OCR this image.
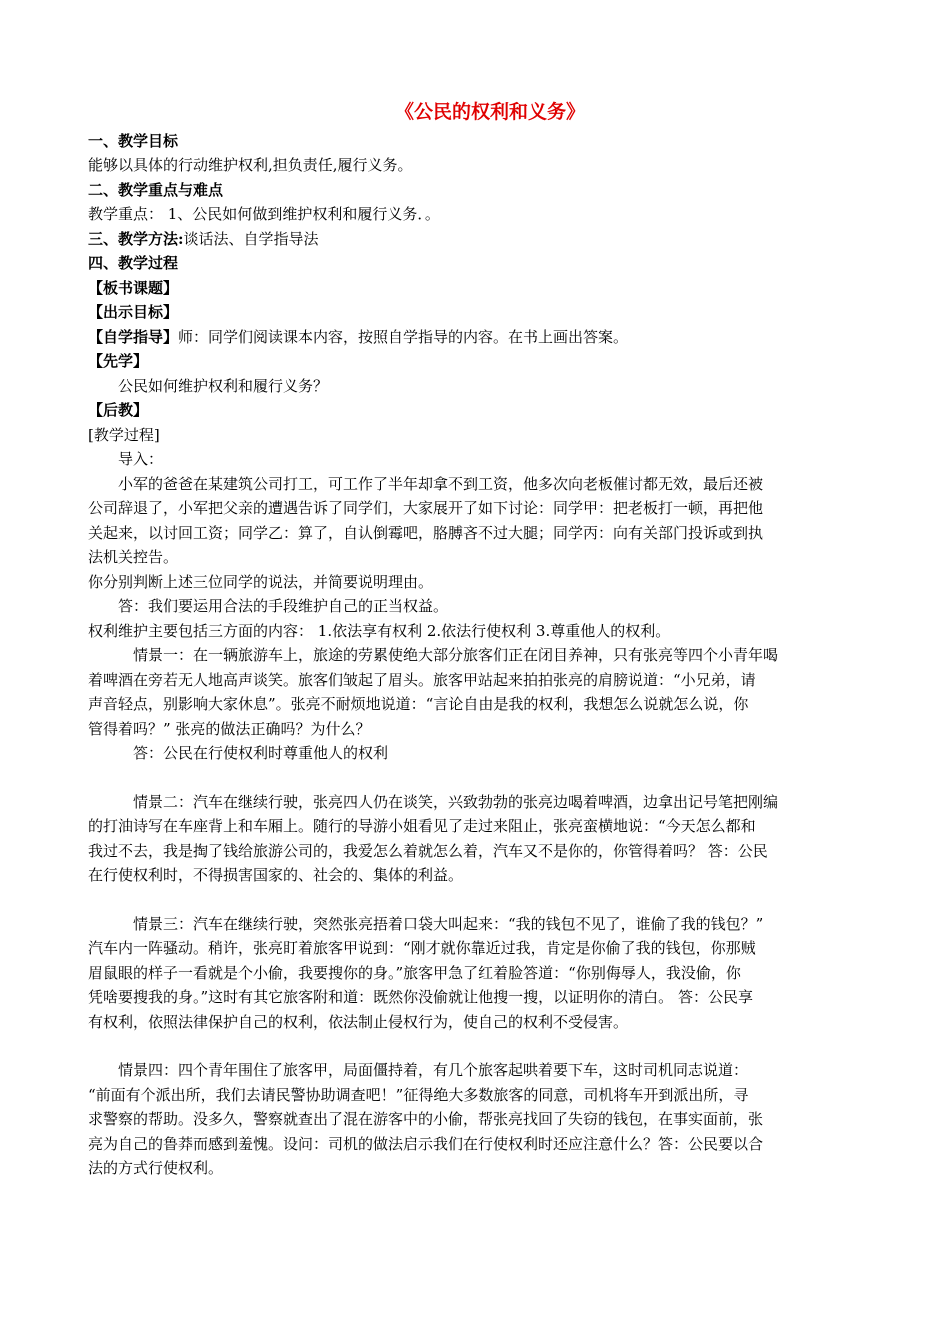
《公民的权利和义务》
一、教学目标
能够以具体的行动维护权利,担负责任,履行义务。
二、教学重点与难点
教学重点： 1、公民如何做到维护权利和履行义务．。
三、教学方法:谈话法、自学指导法
四、教学过程
【板书课题】
【出示目标】
【自学指导】师：同学们阅读课本内容，按照自学指导的内容。在书上画出答案。
【先学】
公民如何维护权利和履行义务？
【后教】
[教学过程]
导入：
小军的爸爸在某建筑公司打工，可工作了半年却拿不到工资，他多次向老板催讨都无效，最后还被
公司辞退了，小军把父亲的遭遇告诉了同学们，大家展开了如下讨论：同学甲：把老板打一顿，再把他
关起来，以讨回工资；同学乙：算了，自认倒霉吧，胳膊吝不过大腿；同学丙：向有关部门投诉或到执
法机关控告。
你分别判断上述三位同学的说法，并简要说明理由。
答：我们要运用合法的手段维护自己的正当权益。
权利维护主要包括三方面的内容： 1.依法享有权利 2.依法行使权利 3.尊重他人的权利。
情景一：在一辆旅游车上，旅途的劳累使绝大部分旅客们正在闭目养神，只有张亮等四个小青年喝
着啤酒在旁若无人地高声谈笑。旅客们皱起了眉头。旅客甲站起来拍拍张亮的肩膀说道：“小兄弟，请
声音轻点，别影响大家休息”。张亮不耐烦地说道：“言论自由是我的权利，我想怎么说就怎么说，你
管得着吗？” 张亮的做法正确吗？为什么？
答：公民在行使权利时尊重他人的权利
情景二：汽车在继续行驶，张亮四人仍在谈笑，兴致勃勃的张亮边喝着啤酒，边拿出记号笔把刚编
的打油诗写在车座背上和车厢上。随行的导游小姐看见了走过来阻止，张亮蛮横地说：“今天怎么都和
我过不去，我是掏了钱给旅游公司的，我爱怎么着就怎么着，汽车又不是你的，你管得着吗？ 答：公民
在行使权利时，不得损害国家的、社会的、集体的利益。
情景三：汽车在继续行驶，突然张亮捂着口袋大叫起来：“我的钱包不见了，谁偷了我的钱包？”
汽车内一阵骚动。稍许，张亮盯着旅客甲说到：“刚才就你靠近过我，肯定是你偷了我的钱包，你那贼
眉鼠眼的样子一看就是个小偷，我要搜你的身。”旅客甲急了红着脸答道：“你别侮辱人，我没偷，你
凭啥要搜我的身。”这时有其它旅客附和道：既然你没偷就让他搜一搜，以证明你的清白。 答：公民享
有权利，依照法律保护自己的权利，依法制止侵权行为，使自己的权利不受侵害。
情景四：四个青年围住了旅客甲，局面僵持着，有几个旅客起哄着要下车，这时司机同志说道：
“前面有个派出所，我们去请民警协助调查吧！”征得绝大多数旅客的同意，司机将车开到派出所，寻
求警察的帮助。没多久，警察就查出了混在游客中的小偷，帮张亮找回了失窃的钱包，在事实面前，张
亮为自己的鲁莽而感到羞愧。设问：司机的做法启示我们在行使权利时还应注意什么？答：公民要以合
法的方式行使权利。
